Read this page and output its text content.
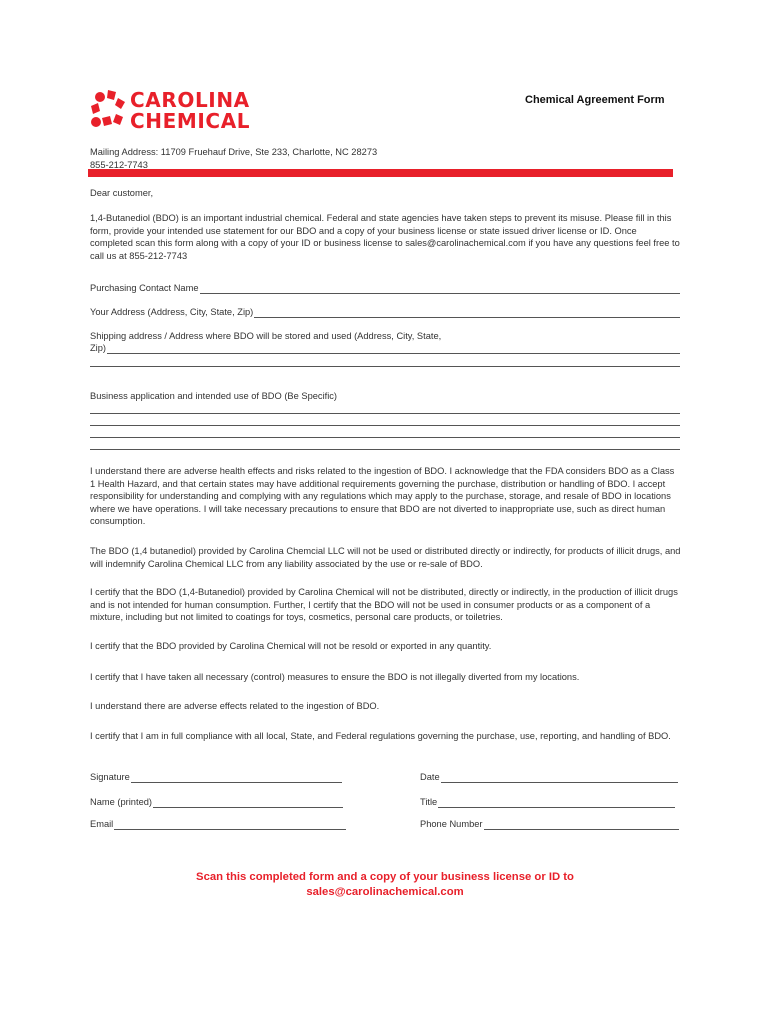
CAROLINA
CHEMICAL
Chemical Agreement Form
Mailing Address: 11709 Fruehauf Drive, Ste 233, Charlotte, NC 28273
855-212-7743
Dear customer,
1,4-Butanediol (BDO) is an important industrial chemical. Federal and state agencies have taken steps to prevent its misuse. Please fill in this form, provide your intended use statement for our BDO and a copy of your business license or state issued driver license or ID. Once completed scan this form along with a copy of your ID or business license to sales@carolinachemical.com if you have any questions feel free to call us at 855-212-7743
Purchasing Contact Name
Your Address (Address, City, State, Zip)
Shipping address / Address where BDO will be stored and used (Address, City, State,
Zip)
Business application and intended use of BDO (Be Specific)
I understand there are adverse health effects and risks related to the ingestion of BDO. I acknowledge that the FDA considers BDO as a Class 1 Health Hazard, and that certain states may have additional requirements governing the purchase, distribution or handling of BDO. I accept responsibility for understanding and complying with any regulations which may apply to the purchase, storage, and resale of BDO in locations where we have operations. I will take necessary precautions to ensure that BDO are not diverted to inappropriate use, such as direct human consumption.
The BDO (1,4 butanediol) provided by Carolina Chemcial LLC will not be used or distributed directly or indirectly, for products of illicit drugs, and will indemnify Carolina Chemical LLC from any liability associated by the use or re-sale of BDO.
I certify that the BDO (1,4-Butanediol) provided by Carolina Chemical will not be distributed, directly or indirectly, in the production of illicit drugs and is not intended for human consumption. Further, I certify that the BDO will not be used in consumer products or as a component of a mixture, including but not limited to coatings for toys, cosmetics, personal care products, or toiletries.
I certify that the BDO provided by Carolina Chemical will not be resold or exported in any quantity.
I certify that I have taken all necessary (control) measures to ensure the BDO is not illegally diverted from my locations.
I understand there are adverse effects related to the ingestion of BDO.
I certify that I am in full compliance with all local, State, and Federal regulations governing the purchase, use, reporting, and handling of BDO.
Signature	Date
Name (printed)	Title
Email	Phone Number
Scan this completed form and a copy of your business license or ID to
sales@carolinachemical.com
